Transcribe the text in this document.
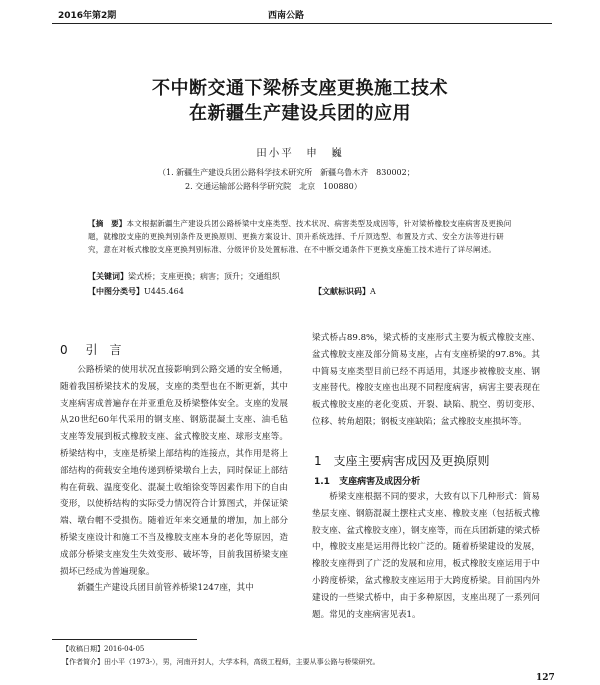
2016年第2期	西南公路
不中断交通下梁桥支座更换施工技术
在新疆生产建设兵团的应用
田小平　申　巍
（1. 新疆生产建设兵团公路科学技术研究所　新疆乌鲁木齐　830002；
2. 交通运输部公路科学研究院　北京　100880）
【摘　要】本文根据新疆生产建设兵团公路桥梁中支座类型、技术状况、病害类型及成因等，针对梁桥橡胶支座病害及更换问题，就橡胶支座的更换判别条件及更换原则、更换方案设计、顶升系统选择、千斤顶选型、布置及方式、安全方法等进行研究，意在对板式橡胶支座更换判别标准、分级评价及处置标准、在不中断交通条件下更换支座施工技术进行了详尽阐述。
【关键词】梁式桥；支座更换；病害；顶升；交通组织
【中图分类号】U445.464	【文献标识码】A
0 引　言

公路桥梁的使用状况直接影响到公路交通的安全畅通，随着我国桥梁技术的发展，支座的类型也在不断更新，其中支座病害成普遍存在并亚重危及桥梁整体安全。支座的发展从20世纪60年代采用的钢支座、钢筋混凝土支座、油毛毡支座等发展到板式橡胶支座、盆式橡胶支座、球形支座等。桥梁结构中，支座是桥梁上部结构的连接点，其作用是将上部结构的荷载安全地传递到桥梁墩台上去，同时保证上部结构在荷载、温度变化、混凝土收缩徐变等因素作用下的自由变形，以使桥结构的实际受力情况符合计算图式，并保证梁端、墩台帽不受损伤。随着近年来交通量的增加，加上部分桥梁支座设计和施工不当及橡胶支座本身的老化等原因，造成部分桥梁支座发生失效变形、破坏等，目前我国桥梁支座损坏已经成为普遍现象。

新疆生产建设兵团目前管养桥梁1247座，其中

梁式桥占89.8%，梁式桥的支座形式主要为板式橡胶支座、盆式橡胶支座及部分简易支座，占有支座桥梁的97.8%。其中简易支座类型目前已经不再适用，其逐步被橡胶支座、钢支座替代。橡胶支座也出现不同程度病害，病害主要表现在板式橡胶支座的老化变质、开裂、缺陷、脱空、剪切变形、位移、转角超限；钢板支座缺陷；盆式橡胶支座损坏等。

1 支座主要病害成因及更换原则
1.1 支座病害及成因分析

桥梁支座根据不同的要求，大致有以下几种形式：简易垫层支座、钢筋混凝土摆柱式支座、橡胶支座（包括板式橡胶支座、盆式橡胶支座），钢支座等，而在兵团新建的梁式桥中，橡胶支座是运用得比较广泛的。随着桥梁建设的发展，橡胶支座得到了广泛的发展和应用，板式橡胶支座运用于中小跨度桥梁，盆式橡胶支座运用于大跨度桥梁。目前国内外建设的一些梁式桥中，由于多种原因，支座出现了一系列问题。常见的支座病害见表1。

【收稿日期】2016-04-05
【作者简介】田小平（1973-），男，河南开封人，大学本科，高级工程师，主要从事公路与桥梁研究。
127
